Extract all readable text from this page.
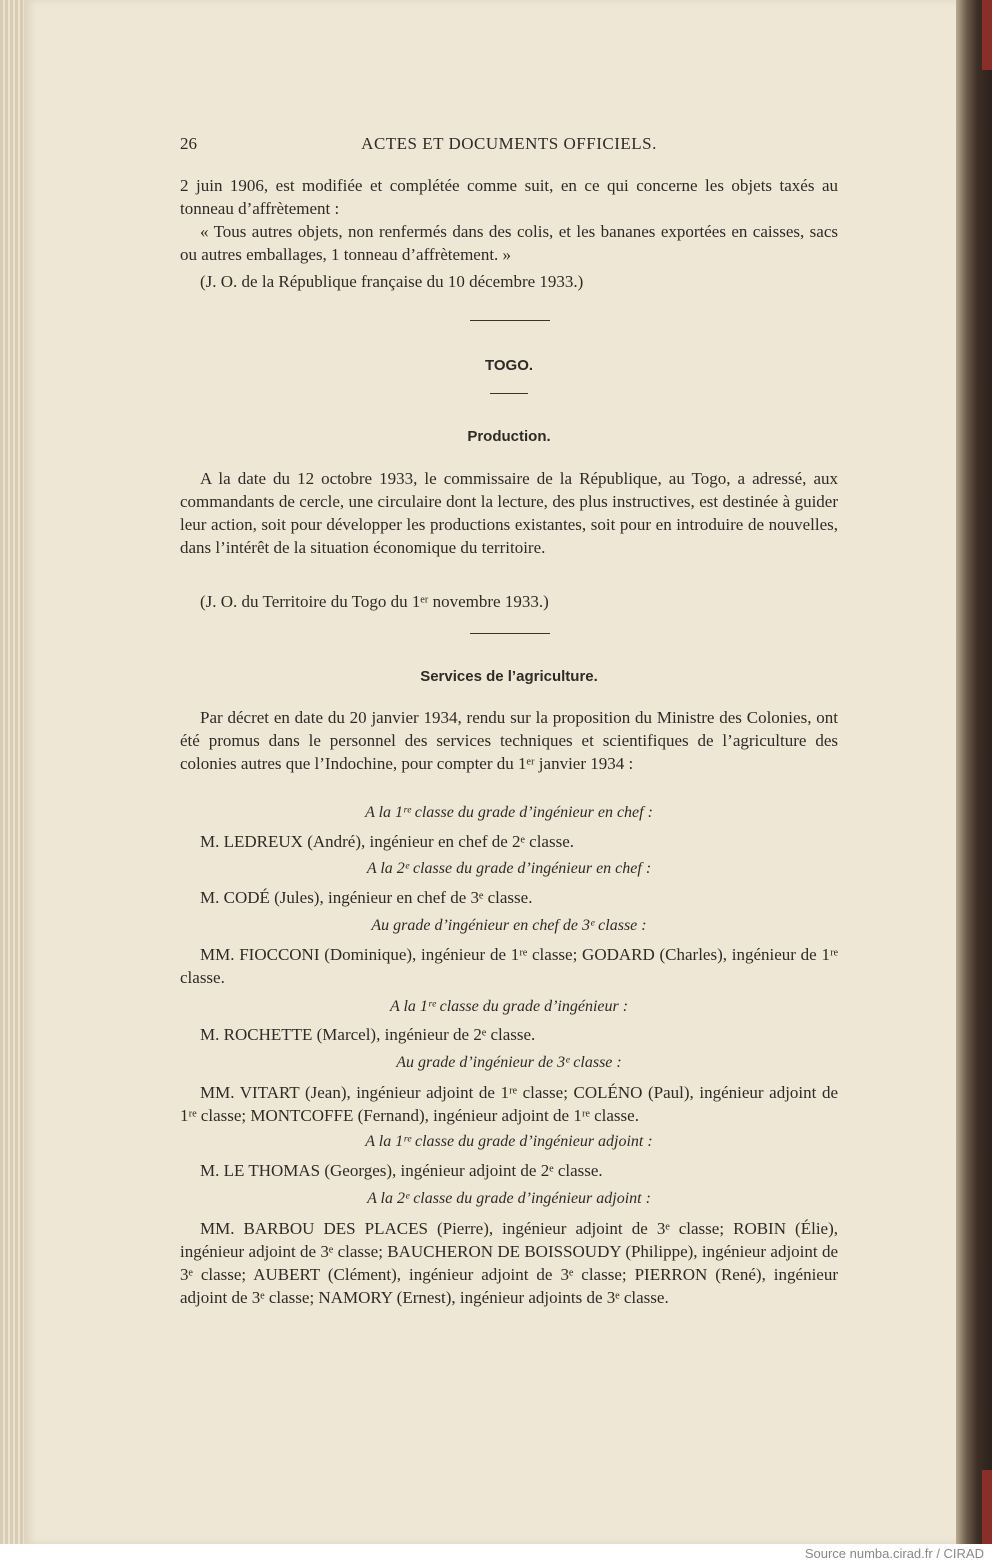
26	ACTES ET DOCUMENTS OFFICIELS.
2 juin 1906, est modifiée et complétée comme suit, en ce qui concerne les objets taxés au tonneau d’affrètement :
« Tous autres objets, non renfermés dans des colis, et les bananes exportées en caisses, sacs ou autres emballages, 1 tonneau d’affrètement. »
(J. O. de la République française du 10 décembre 1933.)
TOGO.
Production.
A la date du 12 octobre 1933, le commissaire de la République, au Togo, a adressé, aux commandants de cercle, une circulaire dont la lecture, des plus instructives, est destinée à guider leur action, soit pour développer les productions existantes, soit pour en introduire de nouvelles, dans l’intérêt de la situation économique du territoire.
(J. O. du Territoire du Togo du 1ᵉʳ novembre 1933.)
Services de l’agriculture.
Par décret en date du 20 janvier 1934, rendu sur la proposition du Ministre des Colonies, ont été promus dans le personnel des services techniques et scientifiques de l’agriculture des colonies autres que l’Indochine, pour compter du 1ᵉʳ janvier 1934 :
A la 1ʳᵉ classe du grade d’ingénieur en chef :
M. LEDREUX (André), ingénieur en chef de 2ᵉ classe.
A la 2ᵉ classe du grade d’ingénieur en chef :
M. CODÉ (Jules), ingénieur en chef de 3ᵉ classe.
Au grade d’ingénieur en chef de 3ᵉ classe :
MM. FIOCCONI (Dominique), ingénieur de 1ʳᵉ classe; GODARD (Charles), ingénieur de 1ʳᵉ classe.
A la 1ʳᵉ classe du grade d’ingénieur :
M. ROCHETTE (Marcel), ingénieur de 2ᵉ classe.
Au grade d’ingénieur de 3ᵉ classe :
MM. VITART (Jean), ingénieur adjoint de 1ʳᵉ classe; COLÉNO (Paul), ingénieur adjoint de 1ʳᵉ classe; MONTCOFFE (Fernand), ingénieur adjoint de 1ʳᵉ classe.
A la 1ʳᵉ classe du grade d’ingénieur adjoint :
M. LE THOMAS (Georges), ingénieur adjoint de 2ᵉ classe.
A la 2ᵉ classe du grade d’ingénieur adjoint :
MM. BARBOU DES PLACES (Pierre), ingénieur adjoint de 3ᵉ classe; ROBIN (Élie), ingénieur adjoint de 3ᵉ classe; BAUCHERON DE BOISSOUDY (Philippe), ingénieur adjoint de 3ᵉ classe; AUBERT (Clément), ingénieur adjoint de 3ᵉ classe; PIERRON (René), ingénieur adjoint de 3ᵉ classe; NAMORY (Ernest), ingénieur adjoints de 3ᵉ classe.
Source numba.cirad.fr / CIRAD
